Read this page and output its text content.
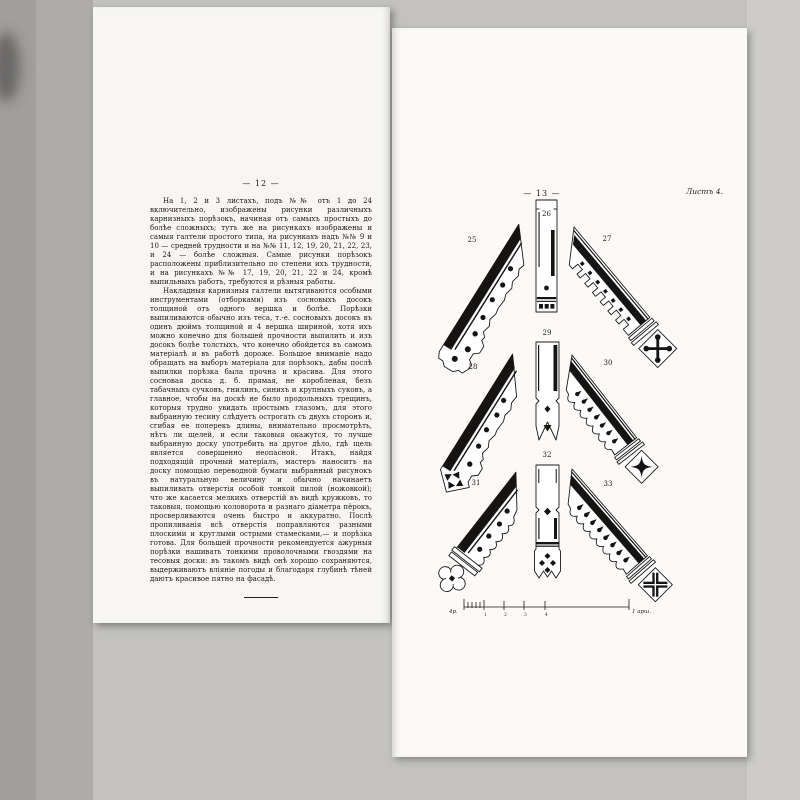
— 12 —

На 1, 2 и 3 листахъ, подъ №№ отъ 1 до 24 включительно, изображены рисунки различныхъ карнизныхъ порѣзокъ, начиная отъ самыхъ простыхъ до болѣе сложныхъ; тутъ же на рисункахъ изображены и самыя галтели простого типа, на рисункахъ надъ №№ 9 и 10 — средней трудности и на №№ 11, 12, 19, 20, 21, 22, 23, и 24 — болѣе сложныя. Самые рисунки порѣзокъ расположены приблизительно по степени ихъ трудности, и на рисункахъ №№ 17, 19, 20, 21, 22 и 24, кромѣ выпильныхъ работъ, требуются и рѣзныя работы.

Накладныя карнизныя галтели вытягиваются особыми инструментами (отборками) изъ сосновыхъ досокъ толщиной отъ одного вершка и болѣе. Порѣзки выпиливаются обычно изъ теса, т.-е. сосновыхъ досокъ въ одинъ дюймъ толщиной и 4 вершка шириной, хотя ихъ можно конечно для большей прочности выпилить и изъ досокъ болѣе толстыхъ, что конечно обойдется въ самомъ матеріалѣ и въ работѣ дороже. Большое вниманіе надо обращать на выборъ матеріала для порѣзокъ, дабы послѣ выпилки порѣзка была прочна и красива. Для этого сосновая доска д. б. прямая, не коробленая, безъ табачныхъ сучковъ, гнилинъ, синихъ и крупныхъ суковъ, а главное, чтобы на доскѣ не было продольныхъ трещинъ, которыя трудно увидать простымъ глазомъ, для этого выбранную тесину слѣдуетъ острогать съ двухъ сторонъ и, сгибая ее поперекъ длины, внимательно просмотрѣть, нѣтъ ли щелей, и если таковыя окажутся, то лучше выбранную доску употребить на другое дѣло, гдѣ щель является совершенно неопасной. Итакъ, найдя подходящій прочный матеріалъ, мастеръ наноситъ на доску помощью переводной бумаги выбранный рисунокъ въ натуральную величину и обычно начинаетъ выпиливать отверстія особой тонкой пилой (ножовкой); что же касается мелкихъ отверстій въ видѣ кружковъ, то таковыя, помощью коловорота и разнаго діаметра пёрокъ, просверливаются очень быстро и аккуратно. Послѣ пропиливанія всѣ отверстія поправляются разными плоскими и круглыми острыми стамесками,— и порѣзка готова. Для большей прочности рекомендуется ажурныя порѣзки нашивать тонкими проволочными гвоздями на тесовыя доски: въ такомъ видѣ онѣ хорошо сохраняются, выдерживаютъ вліяніе погоды и благодаря глубинѣ тѣней даютъ красивое пятно на фасадѣ.

— 13 —	Листъ 4.
25
26
27
28
29
30
31
32
33
4р.	1	2	3	4	1 арш.
